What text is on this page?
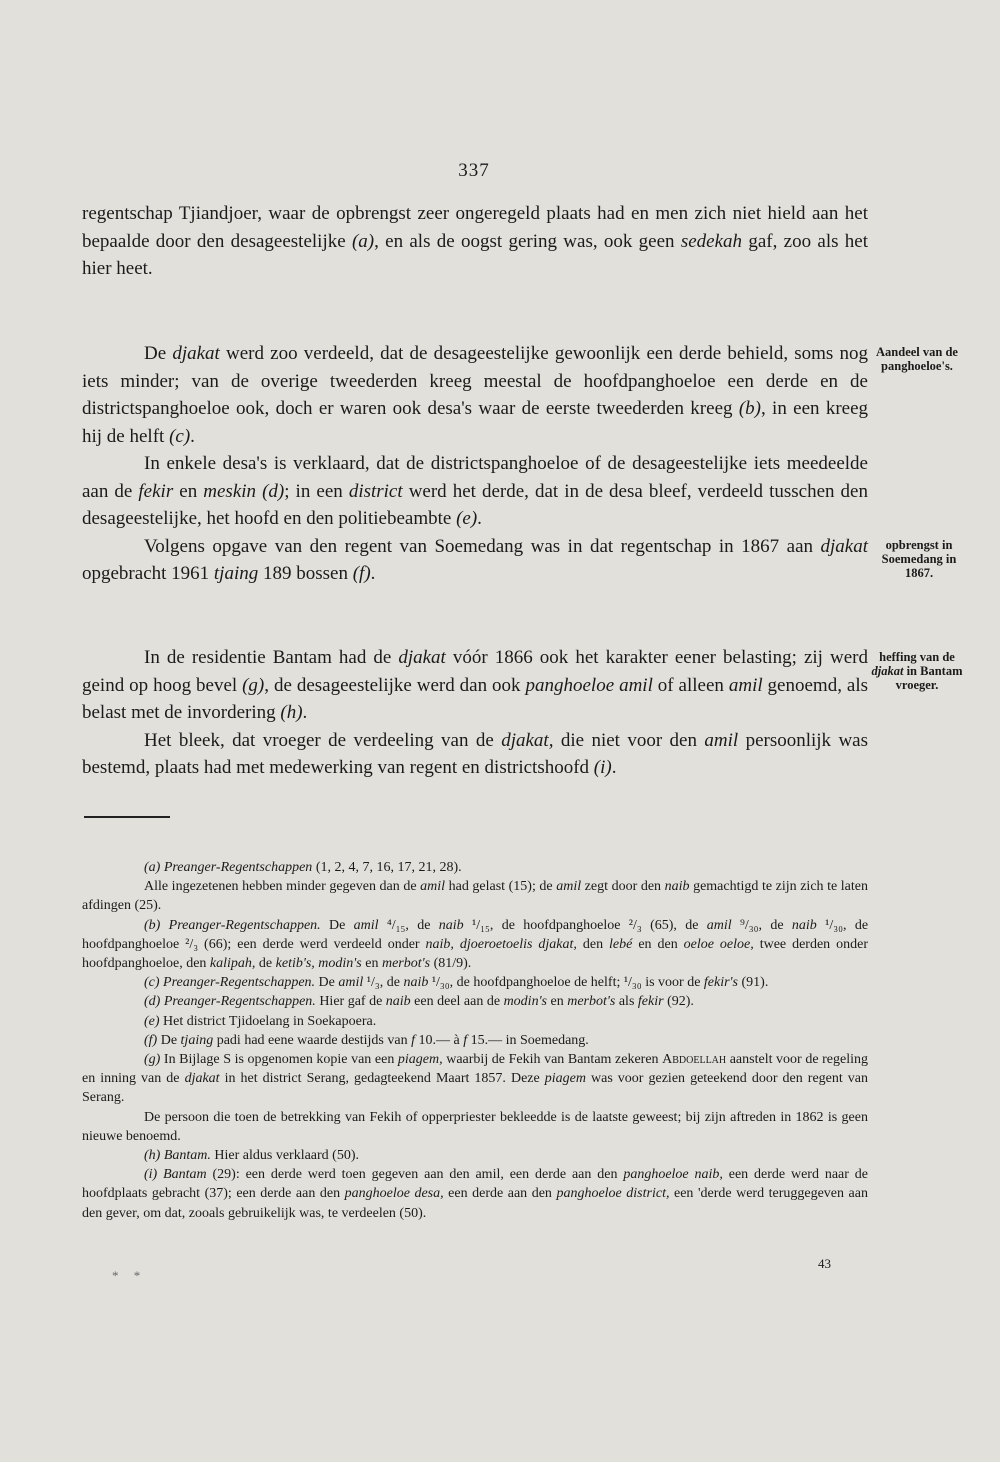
337

regentschap Tjiandjoer, waar de opbrengst zeer ongeregeld plaats had en men zich niet hield aan het bepaalde door den desageestelijke (a), en als de oogst gering was, ook geen sedekah gaf, zoo als het hier heet.

De djakat werd zoo verdeeld, dat de desageestelijke gewoonlijk een derde behield, soms nog iets minder; van de overige tweederden kreeg meestal de hoofdpanghoeloe een derde en de districtspanghoeloe ook, doch er waren ook desa's waar de eerste tweederden kreeg (b), in een kreeg hij de helft (c).

In enkele desa's is verklaard, dat de districtspanghoeloe of de desageestelijke iets meedeelde aan de fekir en meskin (d); in een district werd het derde, dat in de desa bleef, verdeeld tusschen den desageestelijke, het hoofd en den politiebeambte (e).

Volgens opgave van den regent van Soemedang was in dat regentschap in 1867 aan djakat opgebracht 1961 tjaing 189 bossen (f).

In de residentie Bantam had de djakat vóór 1866 ook het karakter eener belasting; zij werd geind op hoog bevel (g), de desageestelijke werd dan ook panghoeloe amil of alleen amil genoemd, als belast met de invordering (h).

Het bleek, dat vroeger de verdeeling van de djakat, die niet voor den amil persoonlijk was bestemd, plaats had met medewerking van regent en districtshoofd (i).

Aandeel van de panghoeloe's.
opbrengst in Soemedang in 1867.
heffing van de djakat in Bantam vroeger.

(a) Preanger-Regentschappen (1, 2, 4, 7, 16, 17, 21, 28).

Alle ingezetenen hebben minder gegeven dan de amil had gelast (15); de amil zegt door den naib gemachtigd te zijn zich te laten afdingen (25).

(b) Preanger-Regentschappen. De amil ⁴/₁₅, de naib ¹/₁₅, de hoofdpanghoeloe ²/₃ (65), de amil ⁹/₃₀, de naib ¹/₃₀, de hoofdpanghoeloe ²/₃ (66); een derde werd verdeeld onder naib, djoeroetoelis djakat, den lebé en den oeloe oeloe, twee derden onder hoofdpanghoeloe, den kalipah, de ketib's, modin's en merbot's (81/9).

(c) Preanger-Regentschappen. De amil ¹/₃, de naib ¹/₃₀, de hoofdpanghoeloe de helft; ¹/₃₀ is voor de fekir's (91).

(d) Preanger-Regentschappen. Hier gaf de naib een deel aan de modin's en merbot's als fekir (92).

(e) Het district Tjidoelang in Soekapoera.

(f) De tjaing padi had eene waarde destijds van f 10.— à f 15.— in Soemedang.

(g) In Bijlage S is opgenomen kopie van een piagem, waarbij de Fekih van Bantam zekeren Abdoellah aanstelt voor de regeling en inning van de djakat in het district Serang, gedagteekend Maart 1857. Deze piagem was voor gezien geteekend door den regent van Serang.

De persoon die toen de betrekking van Fekih of opperpriester bekleedde is de laatste geweest; bij zijn aftreden in 1862 is geen nieuwe benoemd.

(h) Bantam. Hier aldus verklaard (50).

(i) Bantam (29): een derde werd toen gegeven aan den amil, een derde aan den panghoeloe naib, een derde werd naar de hoofdplaats gebracht (37); een derde aan den panghoeloe desa, een derde aan den panghoeloe district, een 'derde werd teruggegeven aan den gever, om dat, zooals gebruikelijk was, te verdeelen (50).

43
* *
